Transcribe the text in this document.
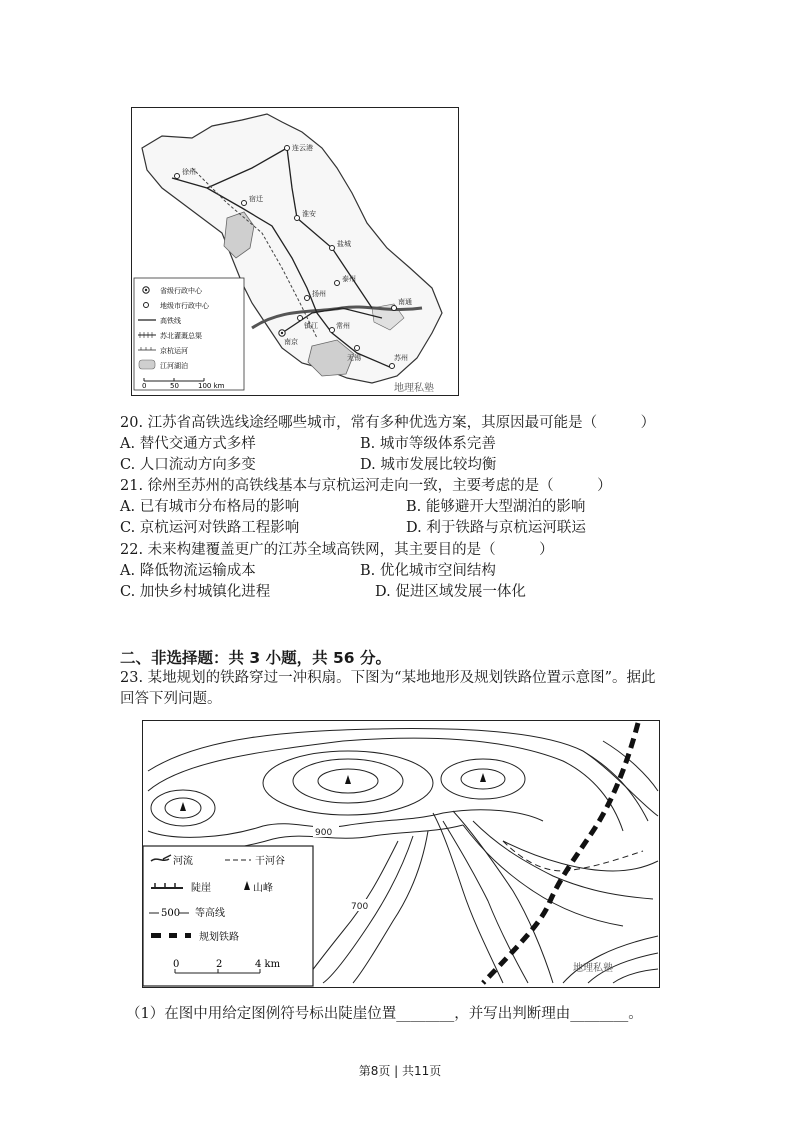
连云港
徐州
宿迁
淮安
盐城
扬州
泰州
镇江
南京
常州
无锡	苏州
南通
省级行政中心
地级市行政中心
高铁线
苏北灌溉总渠
京杭运河
江河湖泊
0	50	100 km	地理私塾
20. 江苏省高铁选线途经哪些城市，常有多种优选方案，其原因最可能是（　　　）
A. 替代交通方式多样	B. 城市等级体系完善
C. 人口流动方向多变	D. 城市发展比较均衡
21. 徐州至苏州的高铁线基本与京杭运河走向一致，主要考虑的是（　　　）
A. 已有城市分布格局的影响	B. 能够避开大型湖泊的影响
C. 京杭运河对铁路工程影响	D. 利于铁路与京杭运河联运
22. 未来构建覆盖更广的江苏全域高铁网，其主要目的是（　　　）
A. 降低物流运输成本	B. 优化城市空间结构
C. 加快乡村城镇化进程	D. 促进区域发展一体化
二、非选择题：共 3 小题，共 56 分。
23. 某地规划的铁路穿过一冲积扇。下图为“某地地形及规划铁路位置示意图”。据此
回答下列问题。
900
700
河流	干河谷
陡崖	山峰
500 等高线
规划铁路
0	2	4 km	地理私塾
（1）在图中用给定图例符号标出陡崖位置________，并写出判断理由________。
第8页 | 共11页
